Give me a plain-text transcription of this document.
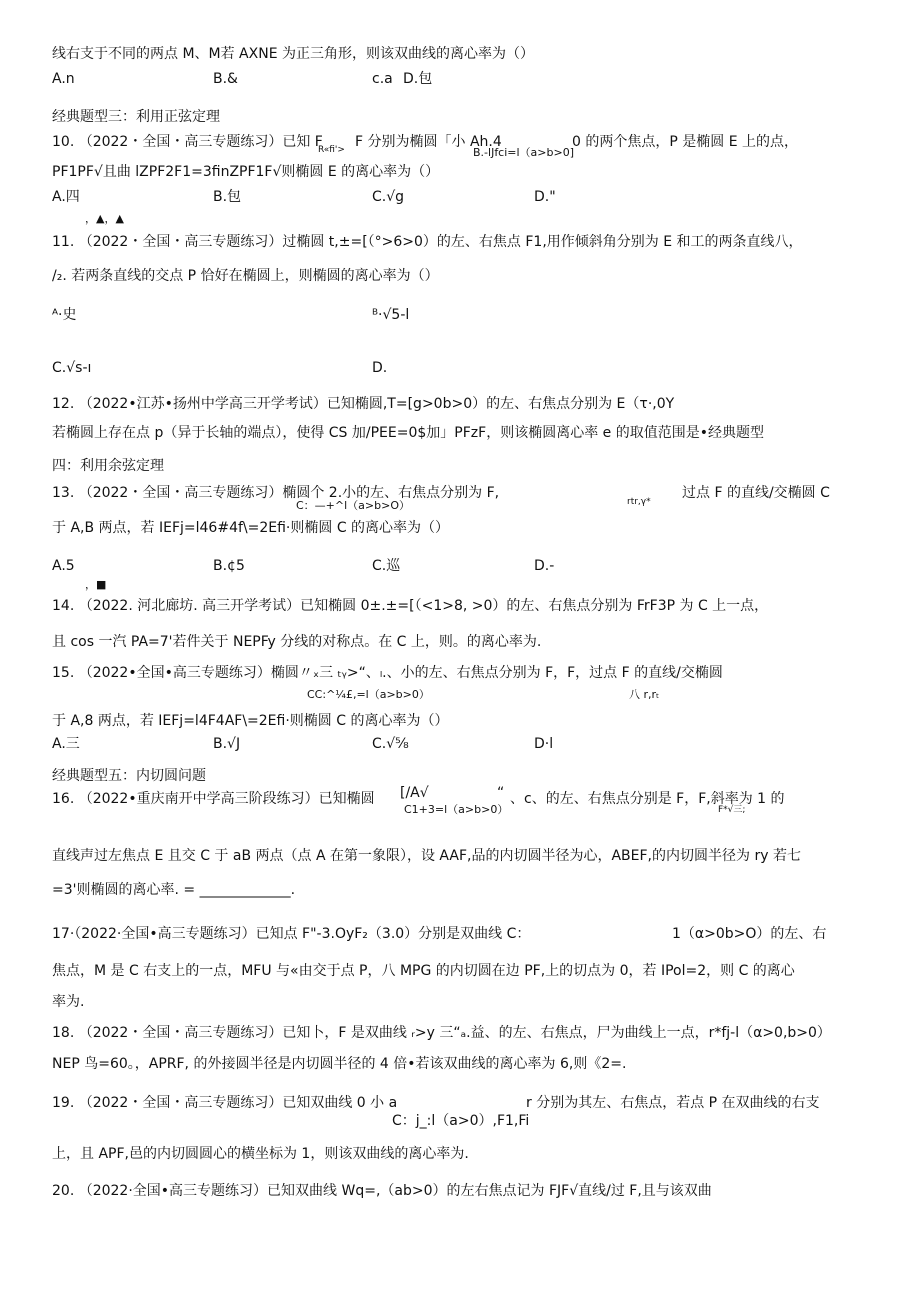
线右支于不同的两点 M、M若 AXNE 为正三角形，则该双曲线的离心率为（）
A.n	B.&	c.a D.包
经典题型三：利用正弦定理
10. （2022・全国・高三专题练习）已知 F
R«fi'> F 分别为椭圆「小 Ah.4	0 的两个焦点，P 是椭圆 E 上的点，
B.-lJfci=l（a>b>0]
PF1PF√且曲 lZPF2F1=3finZPF1F√则椭圆 E 的离心率为（）
A.四	B.包	C.√g	D."
，▲，▲
11. （2022・全国・高三专题练习）过椭圆 t,±=[（°>6>0）的左、右焦点 F1,用作倾斜角分别为 E 和工的两条直线八，
/₂. 若两条直线的交点 P 恰好在椭圆上，则椭圆的离心率为（）
ᴬ·史	ᴮ·√5-l
C.√s-ı	D.
12. （2022•江苏•扬州中学高三开学考试）已知椭圆,T=[g>0b>0）的左、右焦点分别为 E（τ·,0Y
若椭圆上存在点 p（异于长轴的端点），使得 CS 加/PEE=0$加」PFzF，则该椭圆离心率 e 的取值范围是•经典题型
四：利用余弦定理
13. （2022・全国・高三专题练习）椭圆个 2.小的左、右焦点分别为 F,
rtr,γ*
过点 F 的直线/交椭圆 C
C：—+^l（a>b>O）
于 A,B 两点，若 IEFj=l46#4f\=2Efi·则椭圆 C 的离心率为（）
A.5	B.¢5	C.巡	D.-
，■
14. （2022. 河北廊坊. 高三开学考试）已知椭圆 0±.±=[（<1>8, >0）的左、右焦点分别为 FrF3P 为 C 上一点，
且 cos 一汽 PA=7'若件关于 NEPFy 分线的对称点。在 C 上，则。的离心率为.
15. （2022•全国•高三专题练习）椭圆〃ₓ三 ₜᵧ>“、ₗ.、小的左、右焦点分别为 F，F，过点 F 的直线/交椭圆
CC:^¼£,=l（a>b>0）	八 r,rₜ
于 A,8 两点，若 IEFj=l4F4AF\=2Efi·则椭圆 C 的离心率为（）
A.三	B.√J	C.√⅝	D·l
经典题型五：内切圆问题
16. （2022•重庆南开中学高三阶段练习）已知椭圆 [/A√	“ 、c、的左、右焦点分别是 F，F,斜率为 1 的
C1+3=l（a>b>0）	F*√三;
直线声过左焦点 E 且交 C 于 aB 两点（点 A 在第一象限），设 AAF,品的内切圆半径为心，ABEF,的内切圆半径为 ry 若七
=3'则椭圆的离心率. = _____________.
17·（2022·全国•高三专题练习）已知点 F"-3.OyF₂（3.0）分别是双曲线 C：	1（α>0b>O）的左、右
焦点，M 是 C 右支上的一点，MFU 与«由交于点 P，八 MPG 的内切圆在边 PF,上的切点为 0，若 IPol=2，则 C 的离心
率为.
18. （2022・全国・高三专题练习）已知卜，F 是双曲线 ᵣ>y 三“ₐ.益、的左、右焦点，尸为曲线上一点，r*fj-l（α>0,b>0）
NEP 鸟=60。，APRF, 的外接圆半径是内切圆半径的 4 倍•若该双曲线的离心率为 6,则《2=.
19. （2022・全国・高三专题练习）已知双曲线 0 小 a	r 分别为其左、右焦点，若点 P 在双曲线的右支
C：j_:l（a>0）,F1,Fi
上，且 APF,邑的内切圆圆心的横坐标为 1，则该双曲线的离心率为.
20. （2022·全国•高三专题练习）已知双曲线 Wq=,（ab>0）的左右焦点记为 FJF√直线/过 F,且与该双曲
